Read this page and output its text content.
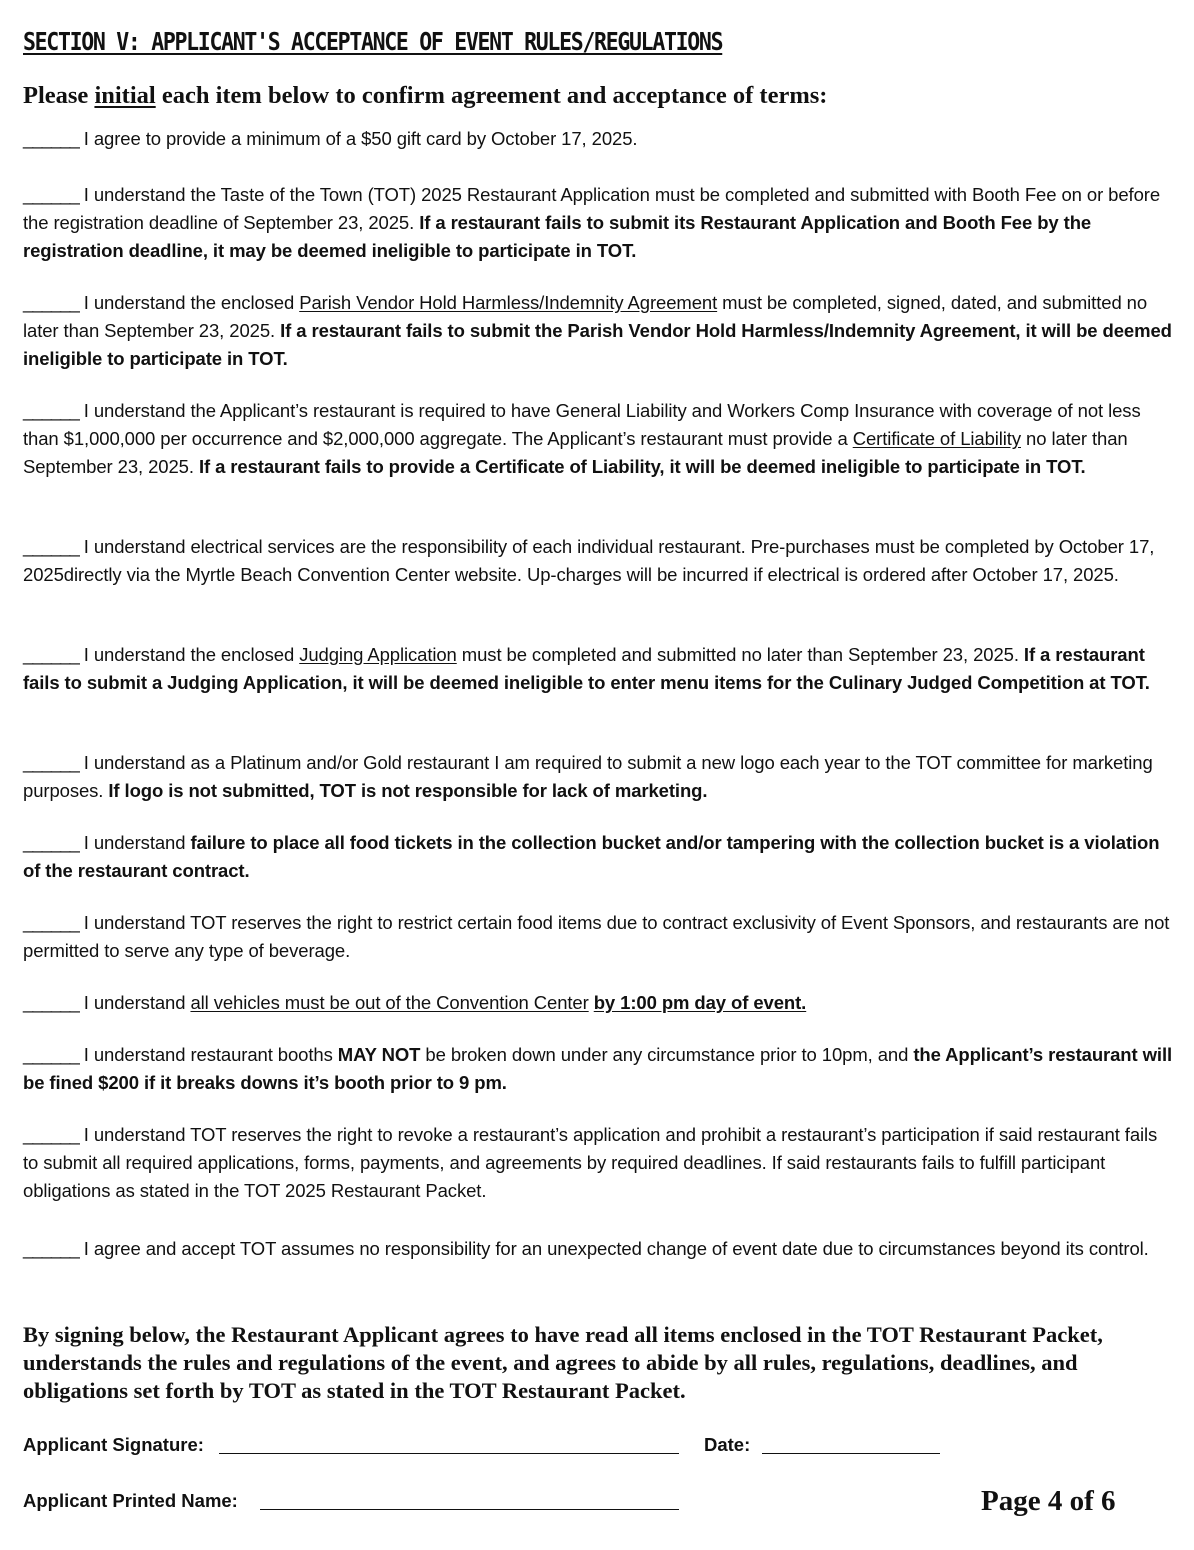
SECTION V: APPLICANT'S ACCEPTANCE OF EVENT RULES/REGULATIONS
Please initial each item below to confirm agreement and acceptance of terms:
______ I agree to provide a minimum of a $50 gift card by October 17, 2025.
______ I understand the Taste of the Town (TOT) 2025 Restaurant Application must be completed and submitted with Booth Fee on or before the registration deadline of September 23, 2025. If a restaurant fails to submit its Restaurant Application and Booth Fee by the registration deadline, it may be deemed ineligible to participate in TOT.
______ I understand the enclosed Parish Vendor Hold Harmless/Indemnity Agreement must be completed, signed, dated, and submitted no later than September 23, 2025. If a restaurant fails to submit the Parish Vendor Hold Harmless/Indemnity Agreement, it will be deemed ineligible to participate in TOT.
______ I understand the Applicant’s restaurant is required to have General Liability and Workers Comp Insurance with coverage of not less than $1,000,000 per occurrence and $2,000,000 aggregate. The Applicant’s restaurant must provide a Certificate of Liability no later than September 23, 2025. If a restaurant fails to provide a Certificate of Liability, it will be deemed ineligible to participate in TOT.
______ I understand electrical services are the responsibility of each individual restaurant. Pre-purchases must be completed by October 17, 2025directly via the Myrtle Beach Convention Center website. Up-charges will be incurred if electrical is ordered after October 17, 2025.
______ I understand the enclosed Judging Application must be completed and submitted no later than September 23, 2025. If a restaurant fails to submit a Judging Application, it will be deemed ineligible to enter menu items for the Culinary Judged Competition at TOT.
______ I understand as a Platinum and/or Gold restaurant I am required to submit a new logo each year to the TOT committee for marketing purposes. If logo is not submitted, TOT is not responsible for lack of marketing.
______ I understand failure to place all food tickets in the collection bucket and/or tampering with the collection bucket is a violation of the restaurant contract.
______ I understand TOT reserves the right to restrict certain food items due to contract exclusivity of Event Sponsors, and restaurants are not permitted to serve any type of beverage.
______ I understand all vehicles must be out of the Convention Center by 1:00 pm day of event.
______ I understand restaurant booths MAY NOT be broken down under any circumstance prior to 10pm, and the Applicant’s restaurant will be fined $200 if it breaks downs it’s booth prior to 9 pm.
______ I understand TOT reserves the right to revoke a restaurant’s application and prohibit a restaurant’s participation if said restaurant fails to submit all required applications, forms, payments, and agreements by required deadlines. If said restaurants fails to fulfill participant obligations as stated in the TOT 2025 Restaurant Packet.
______ I agree and accept TOT assumes no responsibility for an unexpected change of event date due to circumstances beyond its control.
By signing below, the Restaurant Applicant agrees to have read all items enclosed in the TOT Restaurant Packet, understands the rules and regulations of the event, and agrees to abide by all rules, regulations, deadlines, and obligations set forth by TOT as stated in the TOT Restaurant Packet.
Applicant Signature:	Date:
Applicant Printed Name:	Page 4 of 6
